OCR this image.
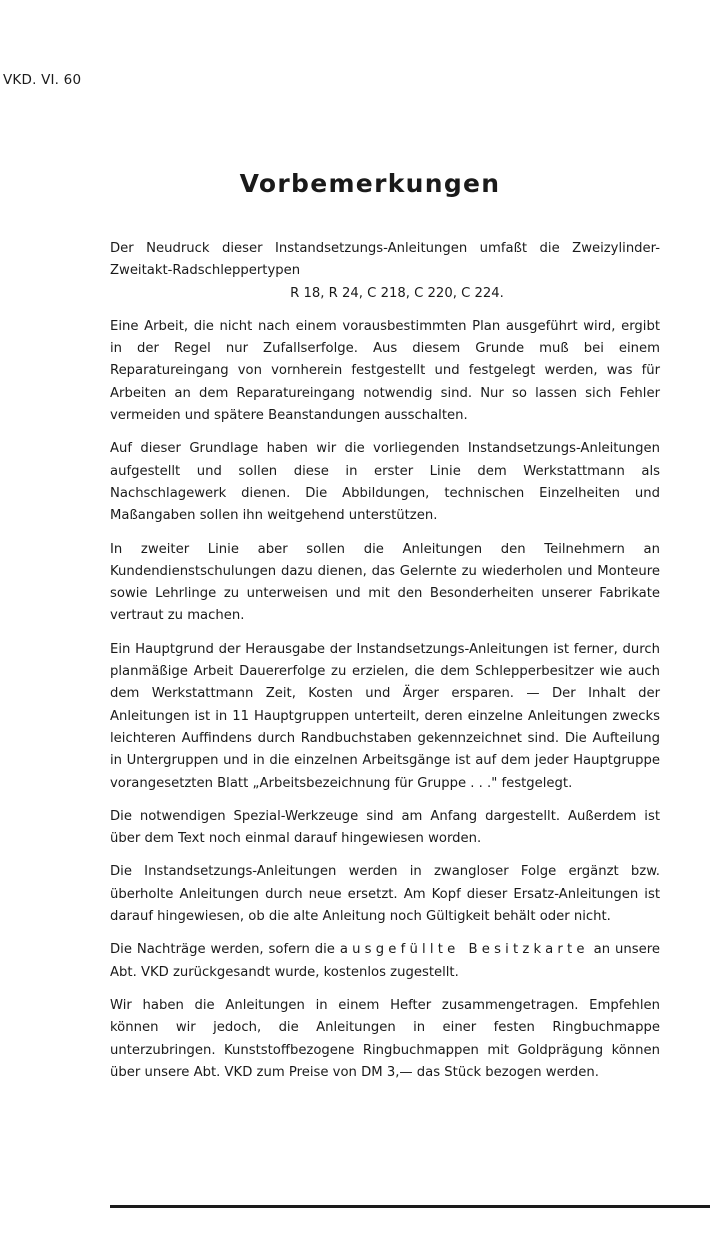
VKD. VI. 60
Vorbemerkungen

Der Neudruck dieser Instandsetzungs-Anleitungen umfaßt die Zweizylinder-Zweitakt-Radschleppertypen
R 18, R 24, C 218, C 220, C 224.

Eine Arbeit, die nicht nach einem vorausbestimmten Plan ausgeführt wird, ergibt in der Regel nur Zufallserfolge. Aus diesem Grunde muß bei einem Reparatureingang von vornherein festgestellt und festgelegt werden, was für Arbeiten an dem Reparatureingang notwendig sind. Nur so lassen sich Fehler vermeiden und spätere Beanstandungen ausschalten.

Auf dieser Grundlage haben wir die vorliegenden Instandsetzungs-Anleitungen aufgestellt und sollen diese in erster Linie dem Werkstattmann als Nachschlagewerk dienen. Die Abbildungen, technischen Einzelheiten und Maßangaben sollen ihn weitgehend unterstützen.

In zweiter Linie aber sollen die Anleitungen den Teilnehmern an Kundendienstschulungen dazu dienen, das Gelernte zu wiederholen und Monteure sowie Lehrlinge zu unterweisen und mit den Besonderheiten unserer Fabrikate vertraut zu machen.

Ein Hauptgrund der Herausgabe der Instandsetzungs-Anleitungen ist ferner, durch planmäßige Arbeit Dauererfolge zu erzielen, die dem Schlepperbesitzer wie auch dem Werkstattmann Zeit, Kosten und Ärger ersparen. — Der Inhalt der Anleitungen ist in 11 Hauptgruppen unterteilt, deren einzelne Anleitungen zwecks leichteren Auffindens durch Randbuchstaben gekennzeichnet sind. Die Aufteilung in Untergruppen und in die einzelnen Arbeitsgänge ist auf dem jeder Hauptgruppe vorangesetzten Blatt „Arbeitsbezeichnung für Gruppe . . ." festgelegt.

Die notwendigen Spezial-Werkzeuge sind am Anfang dargestellt. Außerdem ist über dem Text noch einmal darauf hingewiesen worden.

Die Instandsetzungs-Anleitungen werden in zwangloser Folge ergänzt bzw. überholte Anleitungen durch neue ersetzt. Am Kopf dieser Ersatz-Anleitungen ist darauf hingewiesen, ob die alte Anleitung noch Gültigkeit behält oder nicht.

Die Nachträge werden, sofern die ausgefüllte Besitzkarte an unsere Abt. VKD zurückgesandt wurde, kostenlos zugestellt.

Wir haben die Anleitungen in einem Hefter zusammengetragen. Empfehlen können wir jedoch, die Anleitungen in einer festen Ringbuchmappe unterzubringen. Kunststoffbezogene Ringbuchmappen mit Goldprägung können über unsere Abt. VKD zum Preise von DM 3,— das Stück bezogen werden.
